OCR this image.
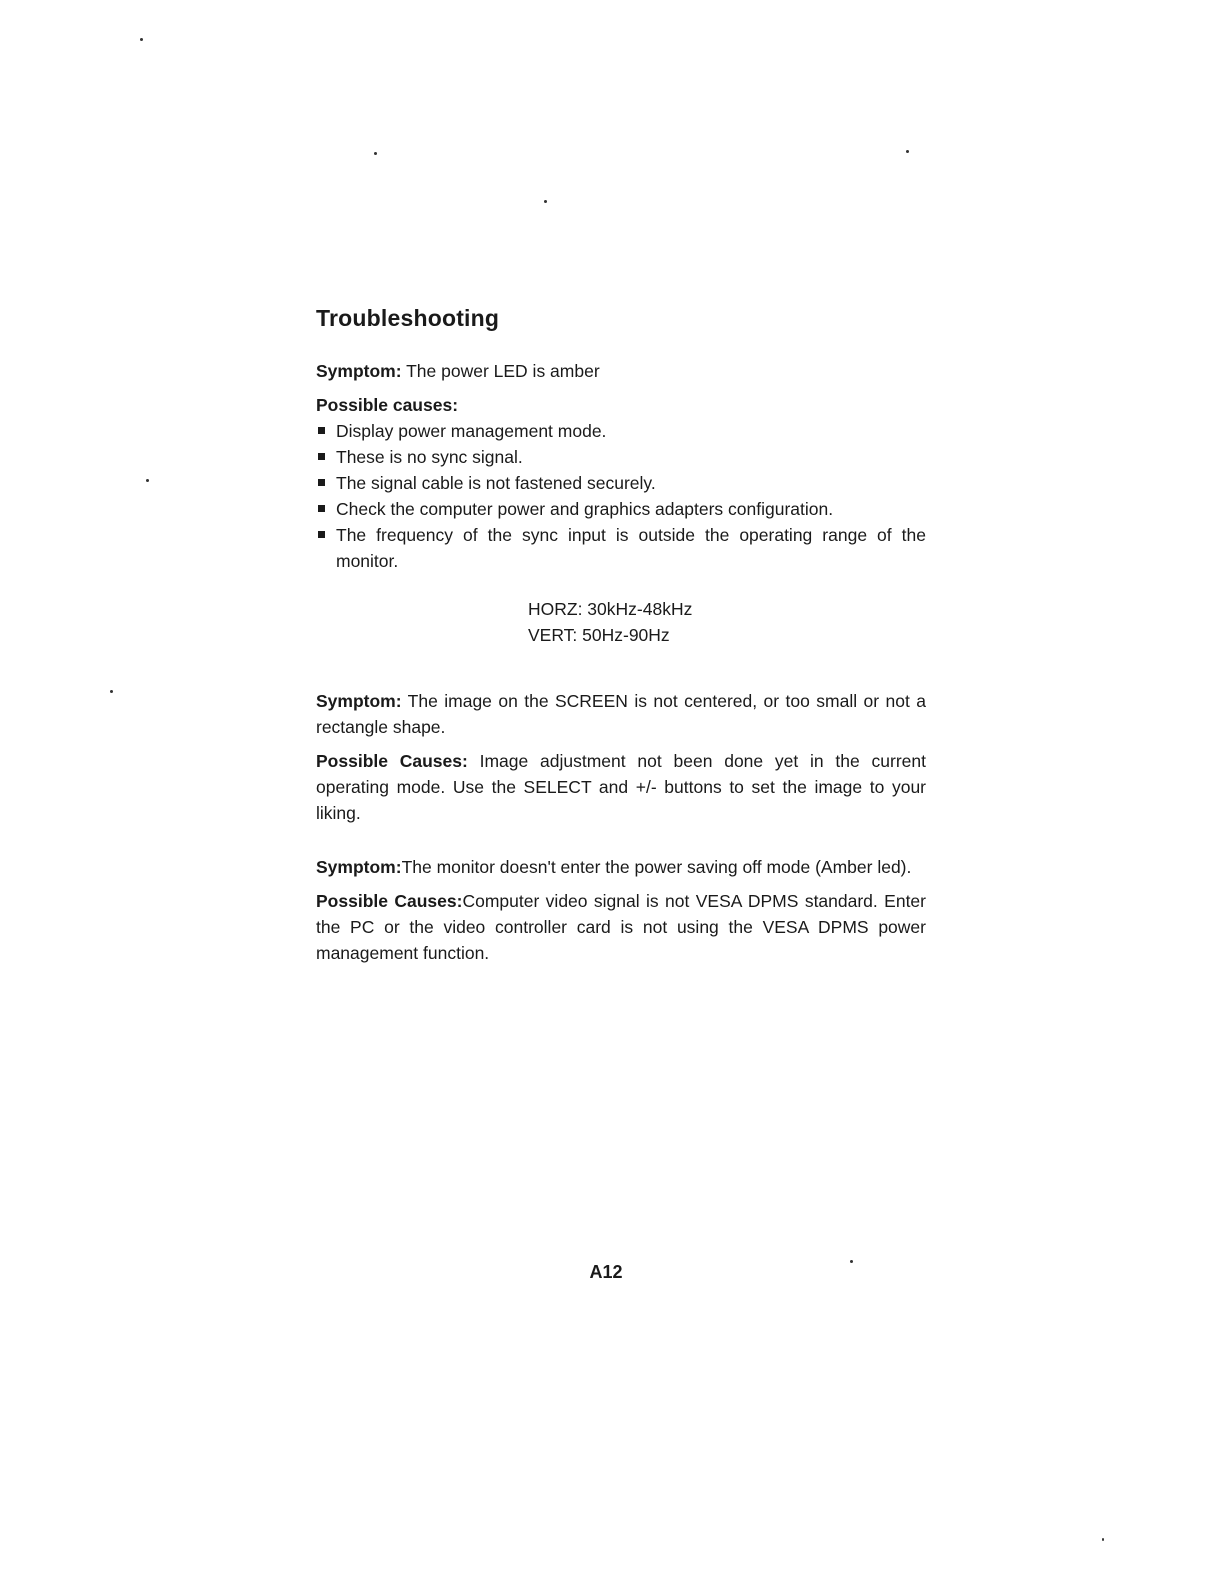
Troubleshooting

Symptom: The power LED is amber

Possible causes:

Display power management mode.
These is no sync signal.
The signal cable is not fastened securely.
Check the computer power and graphics adapters configuration.
The frequency of the sync input is outside the operating range of the monitor.
HORZ: 30kHz-48kHz
VERT: 50Hz-90Hz

Symptom: The image on the SCREEN is not centered, or too small or not a rectangle shape.

Possible Causes: Image adjustment not been done yet in the current operating mode. Use the SELECT and +/- buttons to set the image to your liking.

Symptom:The monitor doesn't enter the power saving off mode (Amber led).

Possible Causes:Computer video signal is not VESA DPMS standard. Enter the PC or the video controller card is not using the VESA DPMS power management function.

A12
